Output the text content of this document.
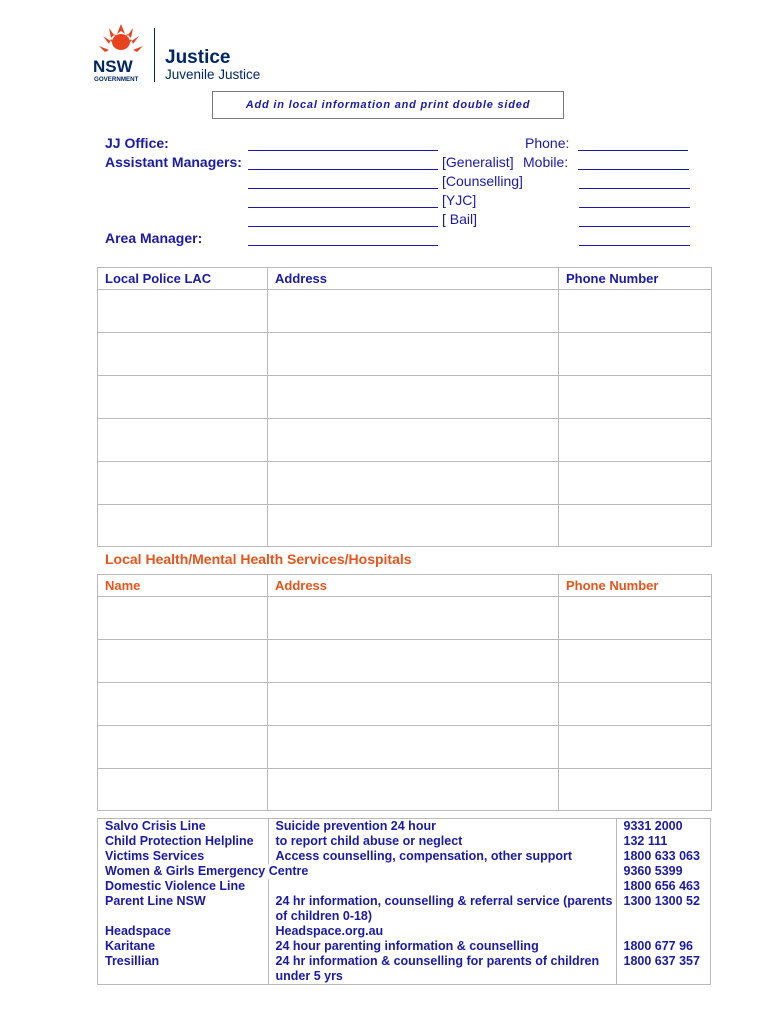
NSW
GOVERNMENT
Justice
Juvenile Justice
Add in local information and print double sided
JJ Office:
Assistant Managers:
Area Manager:
[Generalist]
[Counselling]
[YJC]
[ Bail]
Phone:
Mobile:
Local Police LAC	Address	Phone Number

Local Health/Mental Health Services/Hospitals
Name	Address	Phone Number

Salvo Crisis Line	Suicide prevention 24 hour	9331 2000
Child Protection Helpline	to report child abuse or neglect	132 111
Victims Services	Access counselling, compensation, other support	1800 633 063
Women & Girls Emergency Centre		9360 5399
Domestic Violence Line		1800 656 463
Parent Line NSW	24 hr information, counselling & referral service (parents of children 0-18)	1300 1300 52
Headspace	Headspace.org.au	
Karitane	24 hour parenting information & counselling	1800 677 96
Tresillian	24 hr information & counselling for parents of children under 5 yrs	1800 637 357
